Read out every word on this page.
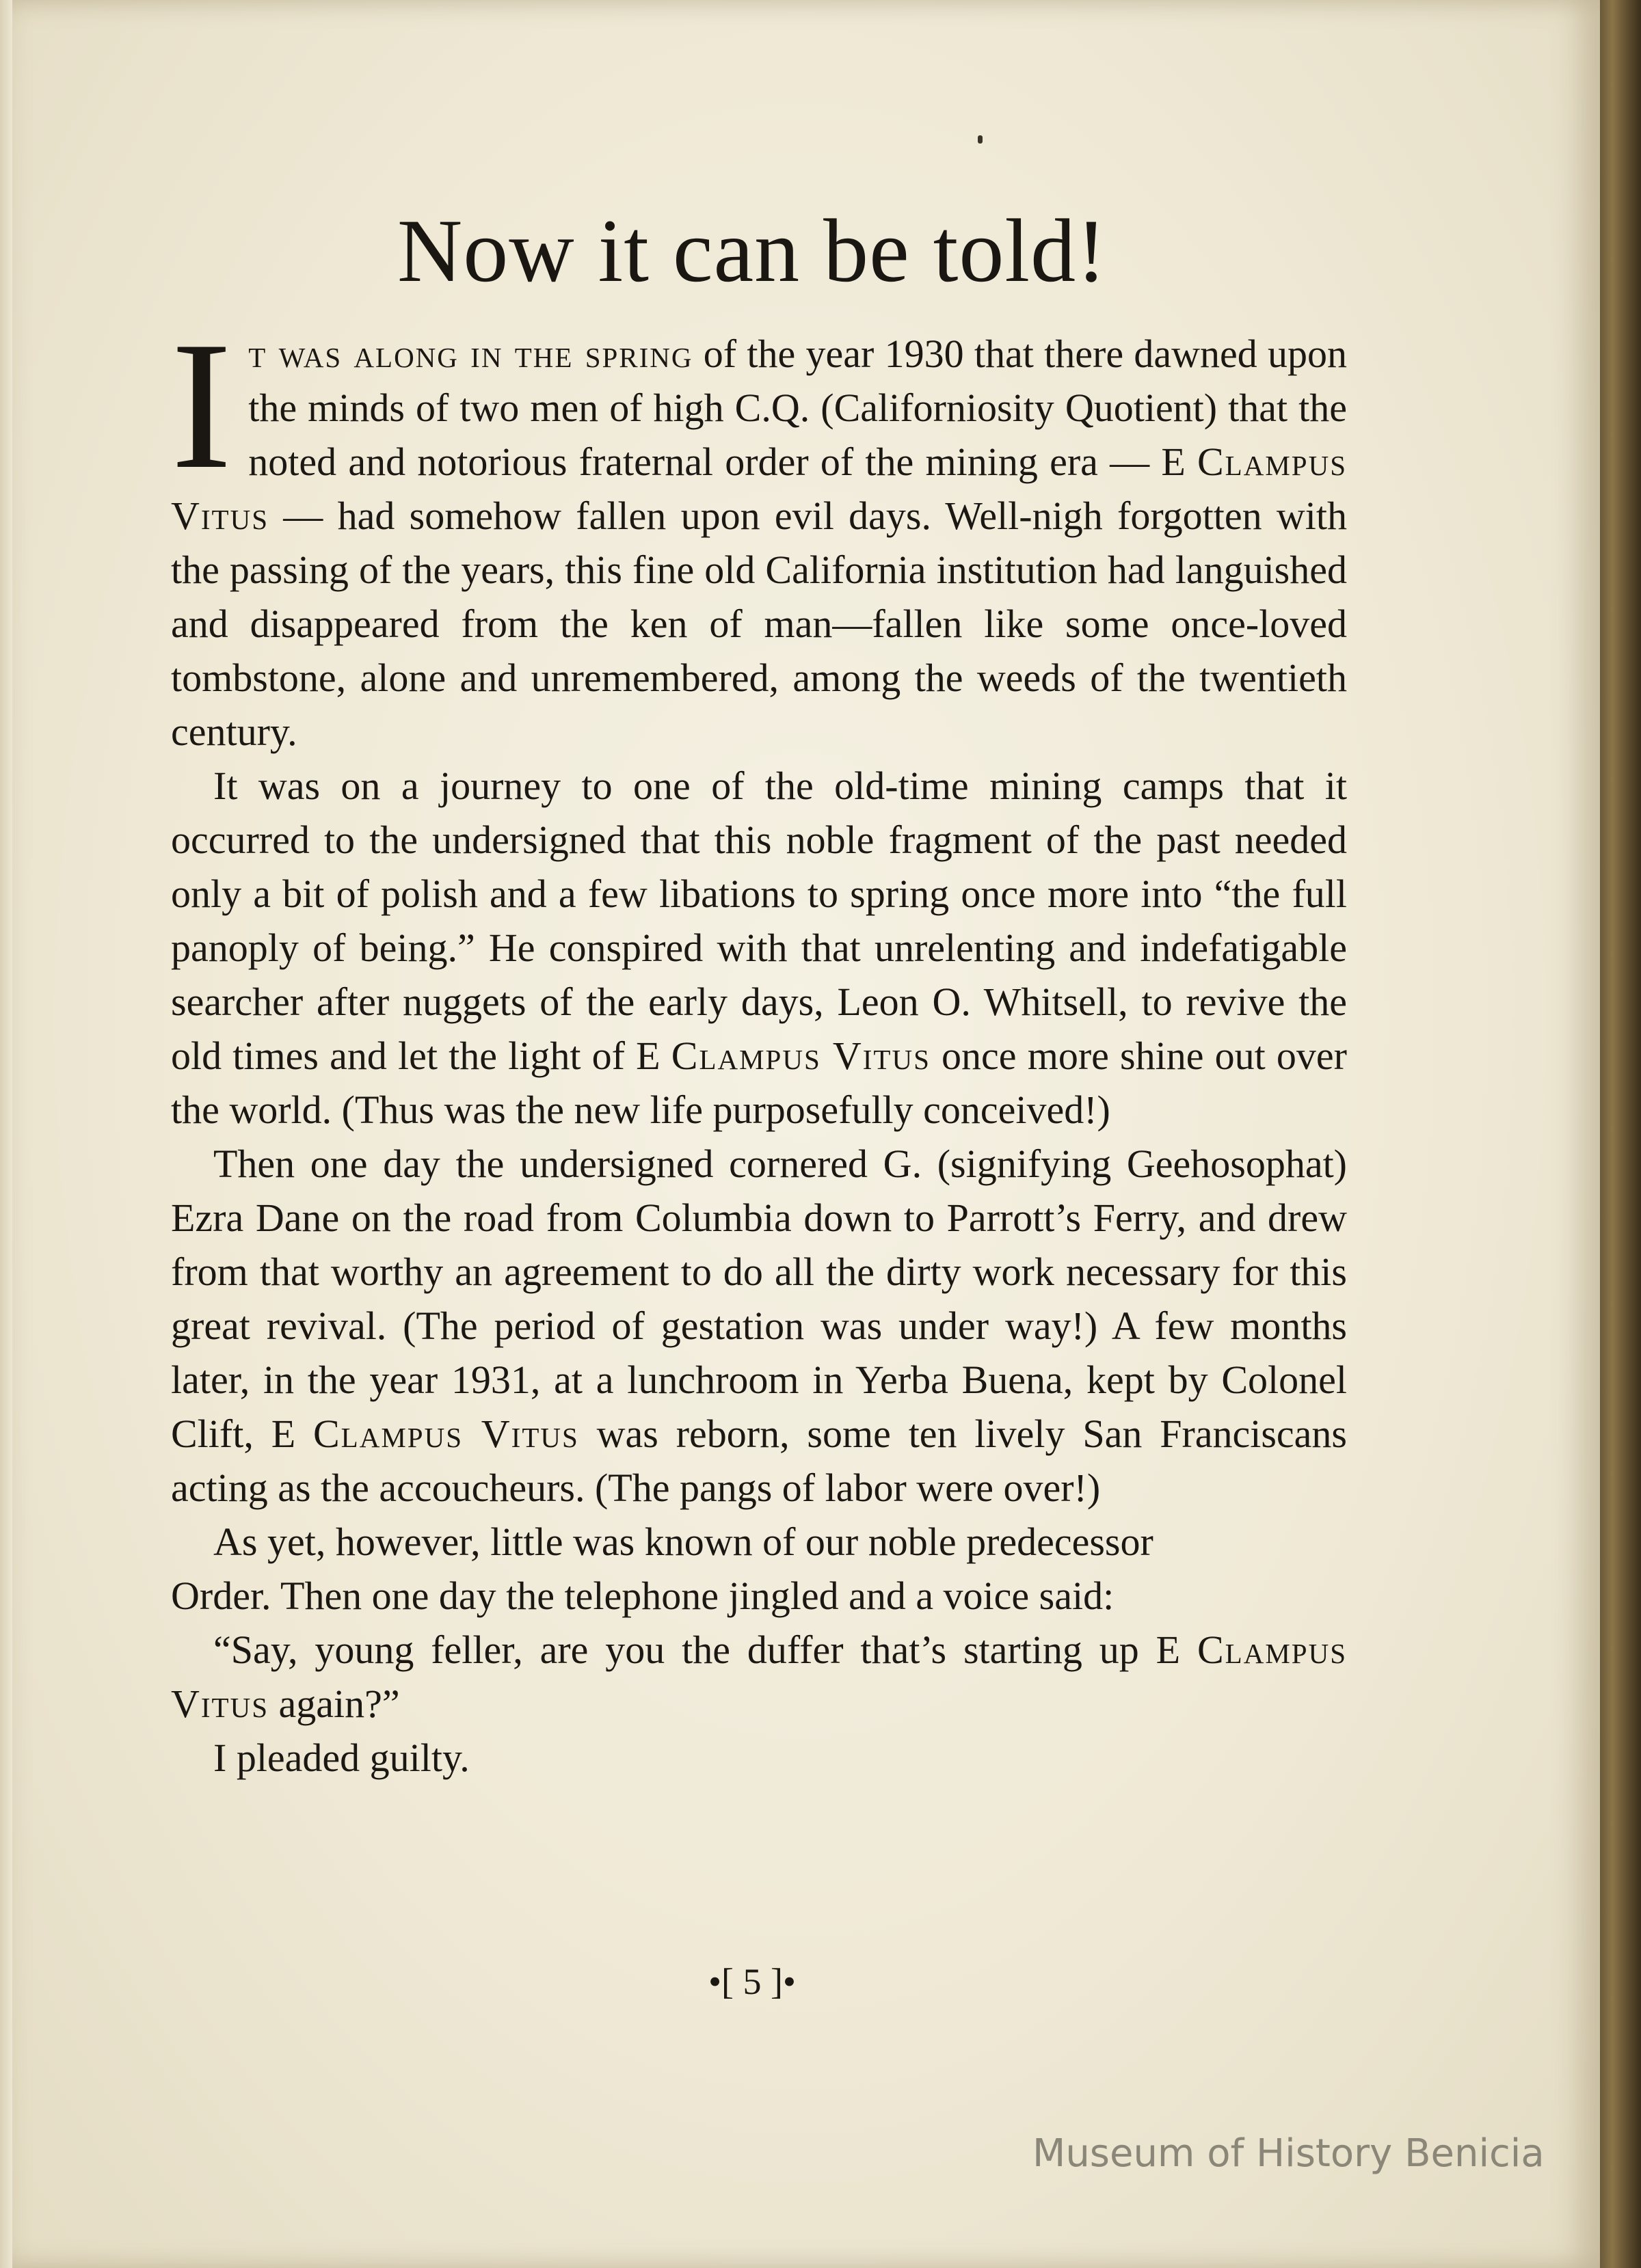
Now it can be told!

It was along in the spring of the year 1930 that there dawned upon the minds of two men of high C.Q. (Californiosity Quotient) that the noted and notorious fraternal order of the mining era — E Clampus Vitus — had somehow fallen upon evil days. Well-nigh forgotten with the passing of the years, this fine old California institution had languished and disappeared from the ken of man—fallen like some once-loved tombstone, alone and unremembered, among the weeds of the twentieth century.

It was on a journey to one of the old-time mining camps that it occurred to the undersigned that this noble fragment of the past needed only a bit of polish and a few libations to spring once more into “the full panoply of being.” He conspired with that unrelenting and indefatigable searcher after nuggets of the early days, Leon O. Whitsell, to revive the old times and let the light of E Clampus Vitus once more shine out over the world. (Thus was the new life purposefully conceived!)

Then one day the undersigned cornered G. (signifying Geehosophat) Ezra Dane on the road from Columbia down to Parrott’s Ferry, and drew from that worthy an agreement to do all the dirty work necessary for this great revival. (The period of gestation was under way!) A few months later, in the year 1931, at a lunchroom in Yerba Buena, kept by Colonel Clift, E Clampus Vitus was reborn, some ten lively San Franciscans acting as the accoucheurs. (The pangs of labor were over!)

As yet, however, little was known of our noble predecessor
Order. Then one day the telephone jingled and a voice said:

“Say, young feller, are you the duffer that’s starting up E Clampus Vitus again?”

I pleaded guilty.

•[ 5 ]•
Museum of History Benicia
